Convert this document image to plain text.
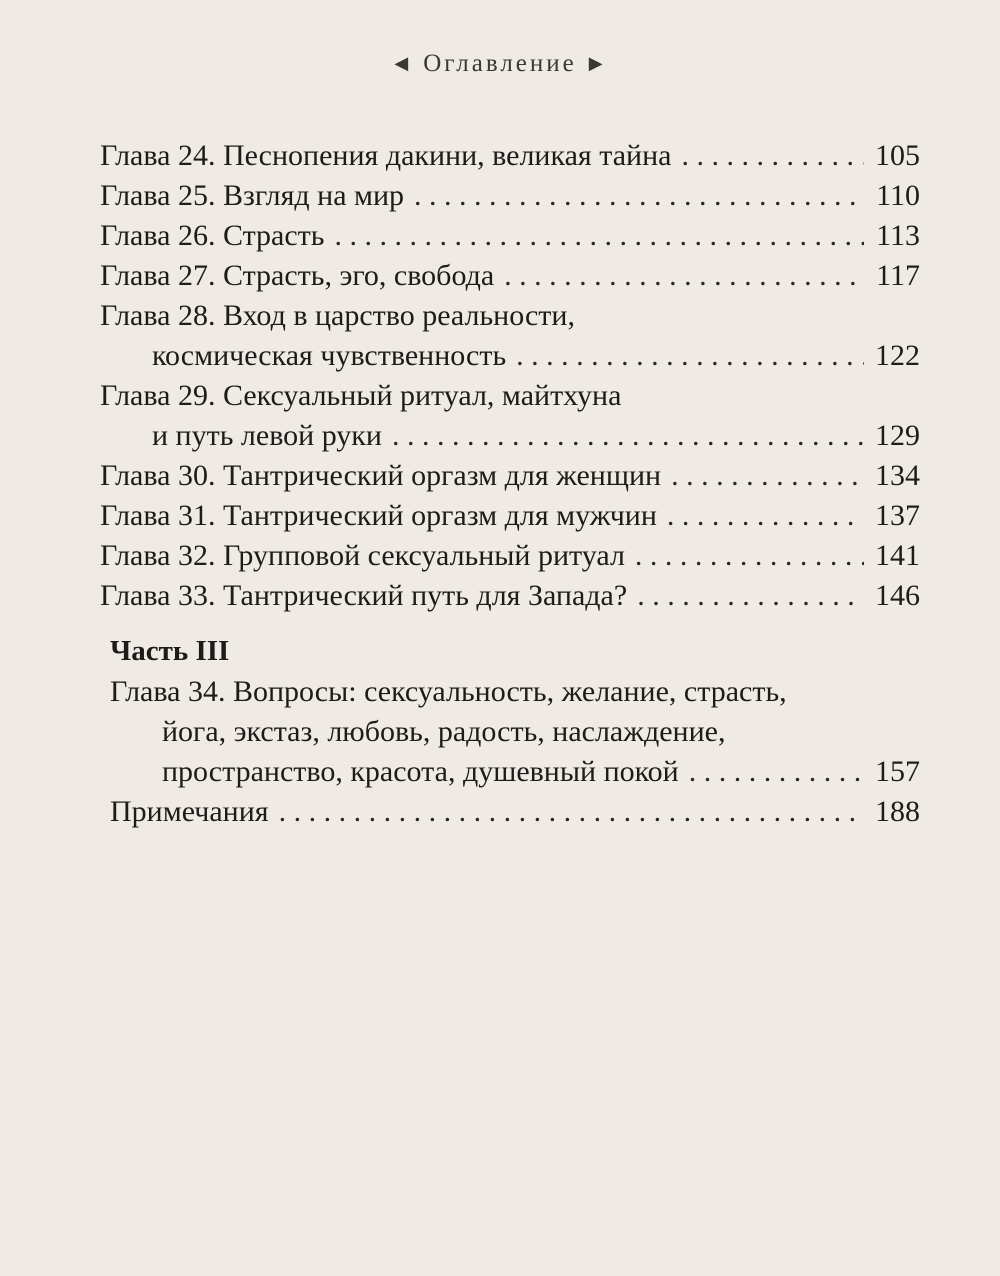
◀ Оглавление ▶
Глава 24. Песнопения дакини, великая тайна . . .	105
Глава 25. Взгляд на мир . . .	110
Глава 26. Страсть . . .	113
Глава 27. Страсть, эго, свобода . . .	117
Глава 28. Вход в царство реальности,
космическая чувственность . . .	122
Глава 29. Сексуальный ритуал, майтхуна
и путь левой руки . . .	129
Глава 30. Тантрический оргазм для женщин . . .	134
Глава 31. Тантрический оргазм для мужчин . . .	137
Глава 32. Групповой сексуальный ритуал . . .	141
Глава 33. Тантрический путь для Запада? . . .	146
Часть III
Глава 34. Вопросы: сексуальность, желание, страсть,
йога, экстаз, любовь, радость, наслаждение,
пространство, красота, душевный покой . . .	157
Примечания . . .	188
